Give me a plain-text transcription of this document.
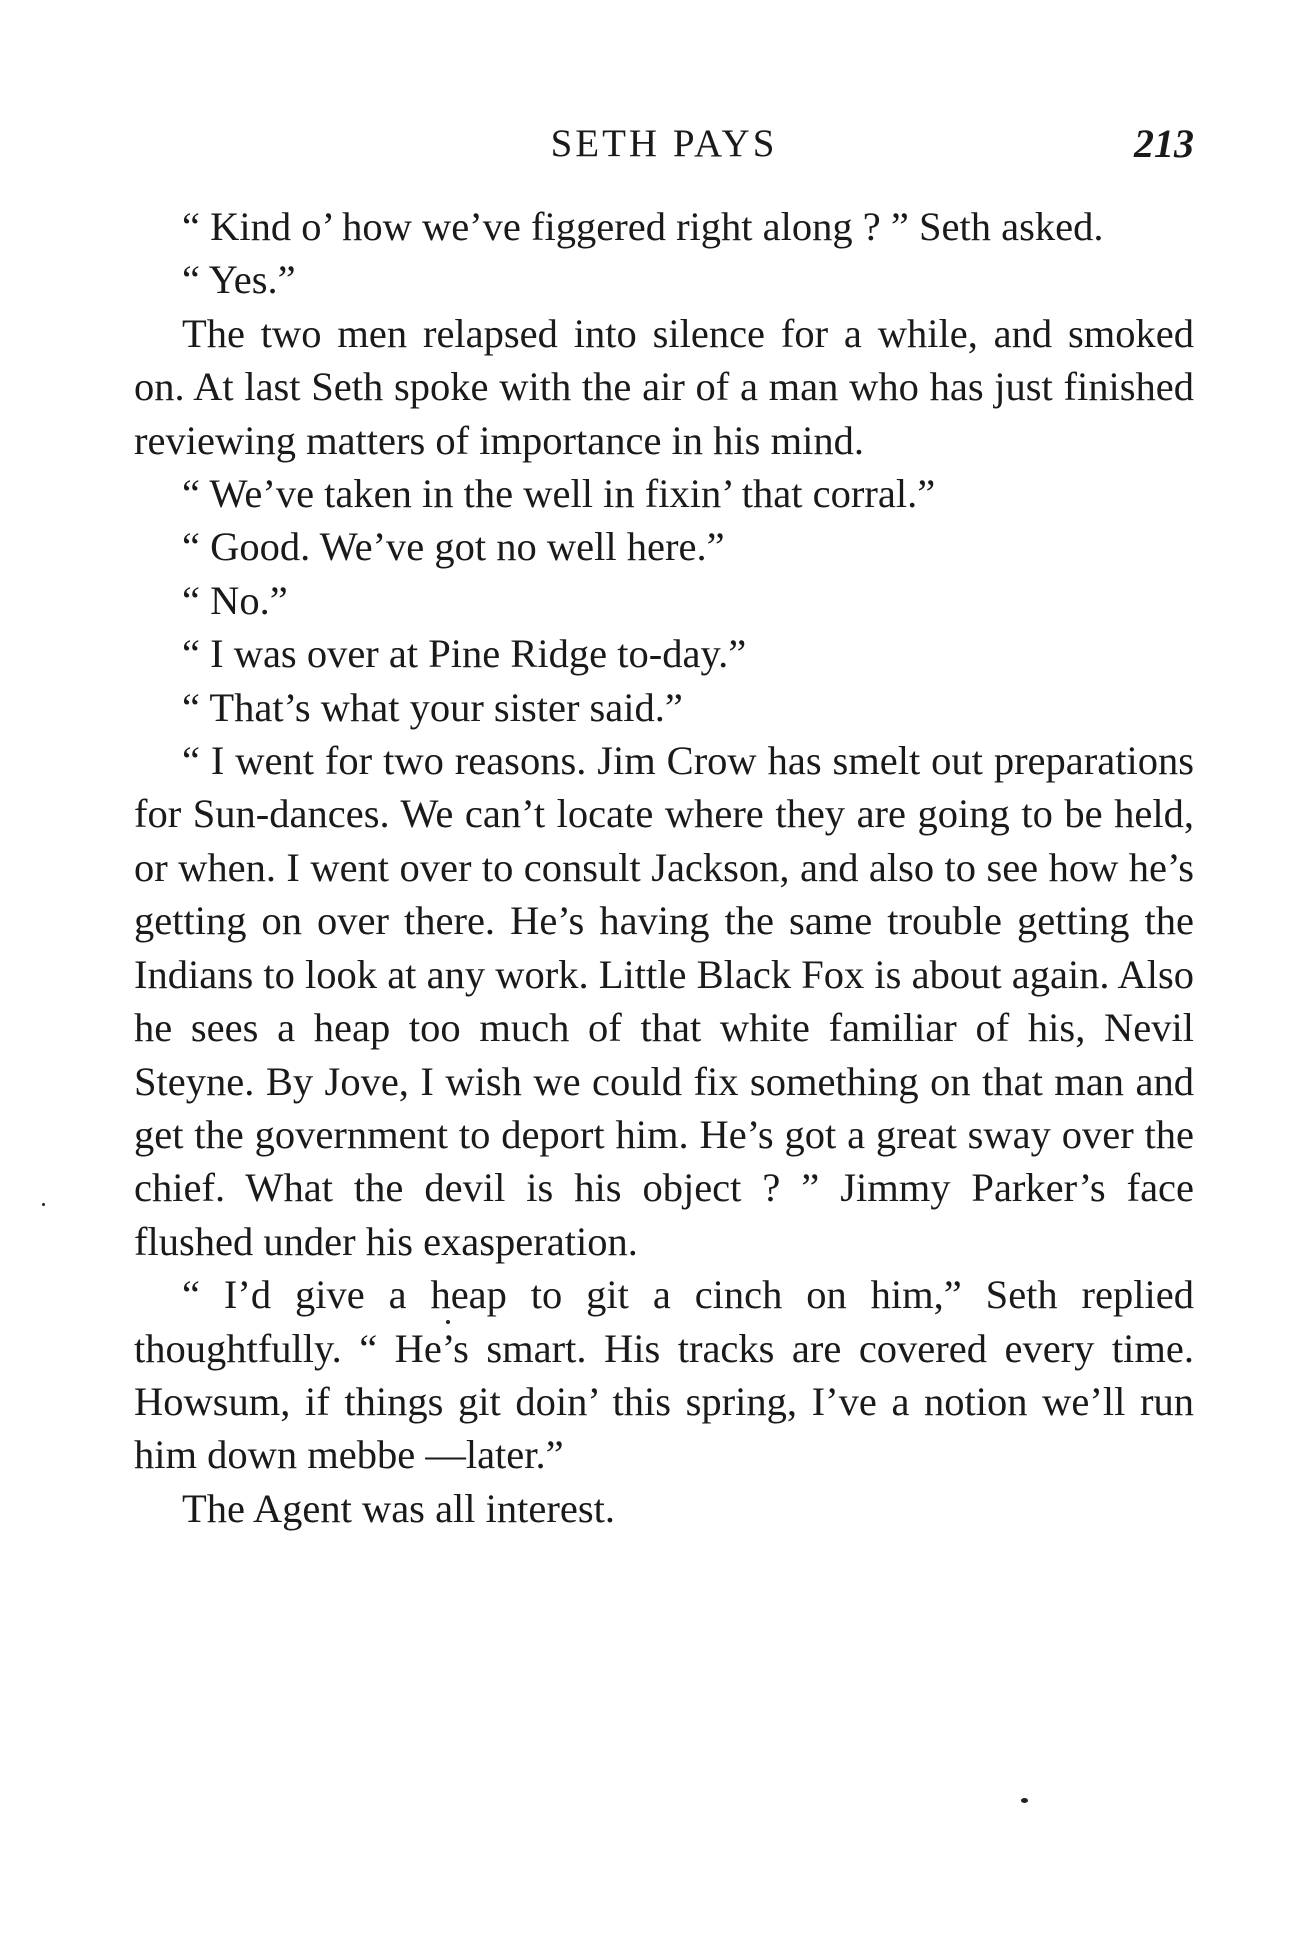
SETH PAYS	213

“ Kind o’ how we’ve figgered right along ? ” Seth asked.

“ Yes.”

The two men relapsed into silence for a while, and smoked on. At last Seth spoke with the air of a man who has just finished reviewing matters of importance in his mind.

“ We’ve taken in the well in fixin’ that corral.”

“ Good. We’ve got no well here.”

“ No.”

“ I was over at Pine Ridge to-day.”

“ That’s what your sister said.”

“ I went for two reasons. Jim Crow has smelt out preparations for Sun-dances. We can’t locate where they are going to be held, or when. I went over to consult Jackson, and also to see how he’s getting on over there. He’s having the same trouble getting the Indians to look at any work. Little Black Fox is about again. Also he sees a heap too much of that white familiar of his, Nevil Steyne. By Jove, I wish we could fix something on that man and get the government to deport him. He’s got a great sway over the chief. What the devil is his object ? ” Jimmy Parker’s face flushed under his exasperation.

“ I’d give a heap to git a cinch on him,” Seth replied thoughtfully. “ He’s smart. His tracks are covered every time. Howsum, if things git doin’ this spring, I’ve a notion we’ll run him down mebbe —later.”

The Agent was all interest.
